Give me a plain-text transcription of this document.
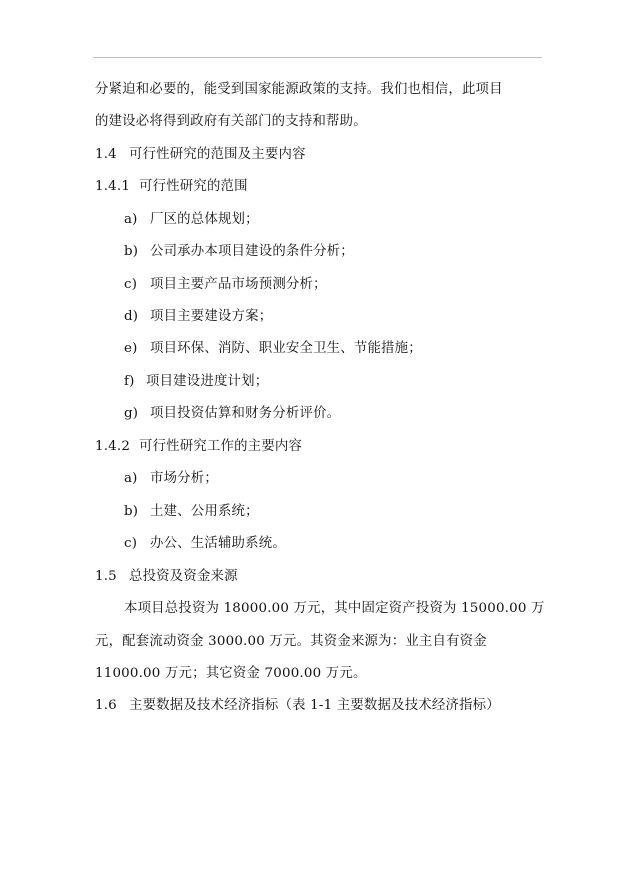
分紧迫和必要的，能受到国家能源政策的支持。我们也相信，此项目
的建设必将得到政府有关部门的支持和帮助。
1.4 可行性研究的范围及主要内容
1.4.1 可行性研究的范围
a) 厂区的总体规划；
b) 公司承办本项目建设的条件分析；
c) 项目主要产品市场预测分析；
d) 项目主要建设方案；
e) 项目环保、消防、职业安全卫生、节能措施；
f) 项目建设进度计划；
g) 项目投资估算和财务分析评价。
1.4.2 可行性研究工作的主要内容
a) 市场分析；
b) 土建、公用系统；
c) 办公、生活辅助系统。
1.5 总投资及资金来源
本项目总投资为 18000.00 万元，其中固定资产投资为 15000.00 万
元，配套流动资金 3000.00 万元。其资金来源为：业主自有资金
11000.00 万元；其它资金 7000.00 万元。
1.6 主要数据及技术经济指标（表 1-1 主要数据及技术经济指标）
